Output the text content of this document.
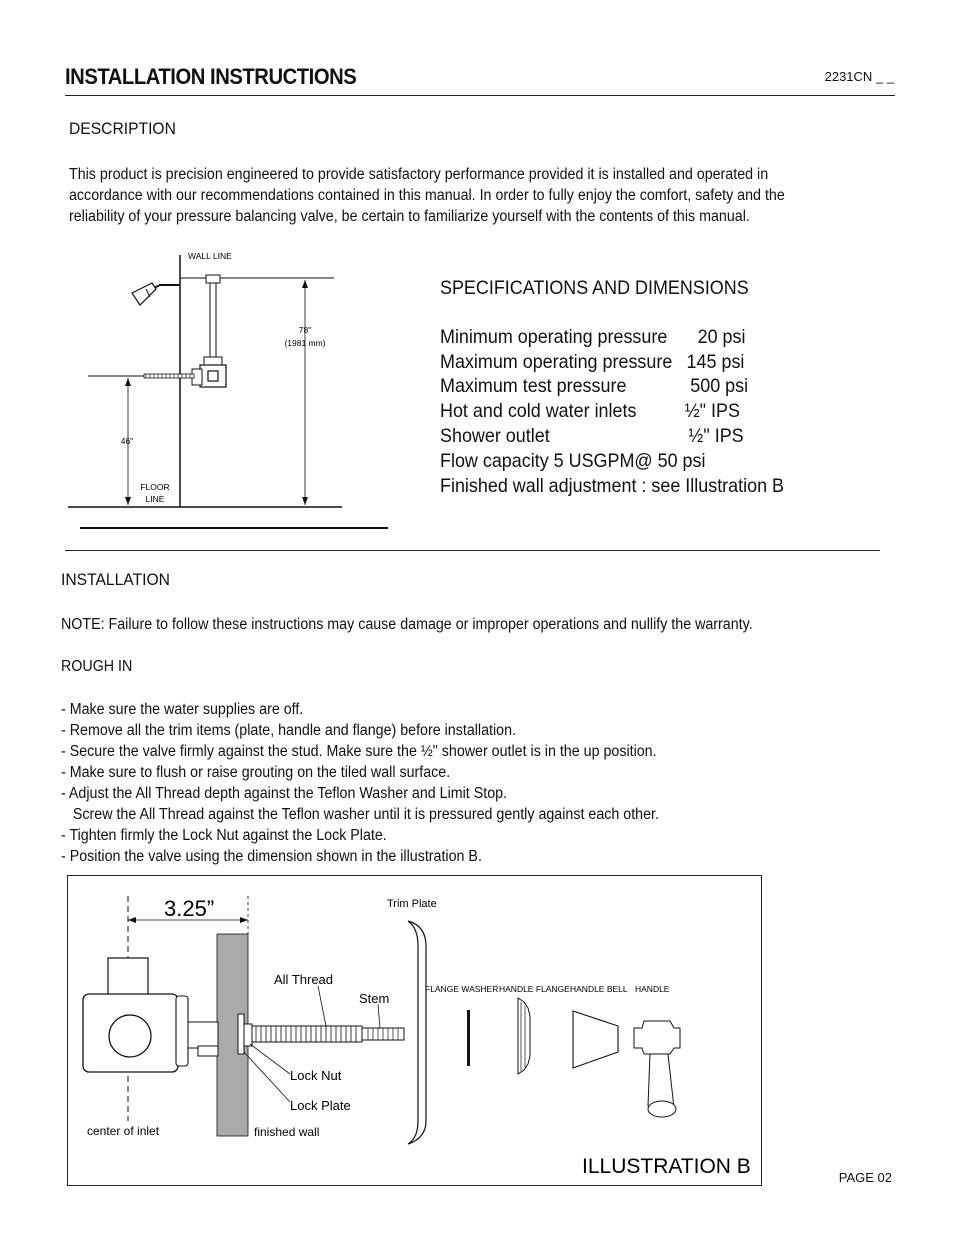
INSTALLATION INSTRUCTIONS	2231CN _ _
DESCRIPTION
This product is precision engineered to provide satisfactory performance provided it is installed and operated in accordance with our recommendations contained in this manual. In order to fully enjoy the comfort, safety and the reliability of your pressure balancing valve, be certain to familiarize yourself with the contents of this manual.
78"
(1981 mm)
46"
WALL LINE
FLOOR
LINE
SPECIFICATIONS AND DIMENSIONS
Minimum operating pressure 20 psi
Maximum operating pressure 145 psi
Maximum test pressure	500 psi
Hot and cold water inlets ½" IPS
Shower outlet	½" IPS
Flow capacity 5 USGPM@ 50 psi
Finished wall adjustment : see Illustration B
INSTALLATION
NOTE: Failure to follow these instructions may cause damage or improper operations and nullify the warranty.
ROUGH IN
- Make sure the water supplies are off.
- Remove all the trim items (plate, handle and flange) before installation.
- Secure the valve firmly against the stud. Make sure the ½" shower outlet is in the up position.
- Make sure to flush or raise grouting on the tiled wall surface.
- Adjust the All Thread depth against the Teflon Washer and Limit Stop.
Screw the All Thread against the Teflon washer until it is pressured gently against each other.
- Tighten firmly the Lock Nut against the Lock Plate.
- Position the valve using the dimension shown in the illustration B.
3.25”	Trim Plate
All Thread
Stem
FLANGE WASHER HANDLE FLANGE HANDLE BELL HANDLE
Lock Nut
Lock Plate
center of inlet	finished wall
ILLUSTRATION B	PAGE 02
